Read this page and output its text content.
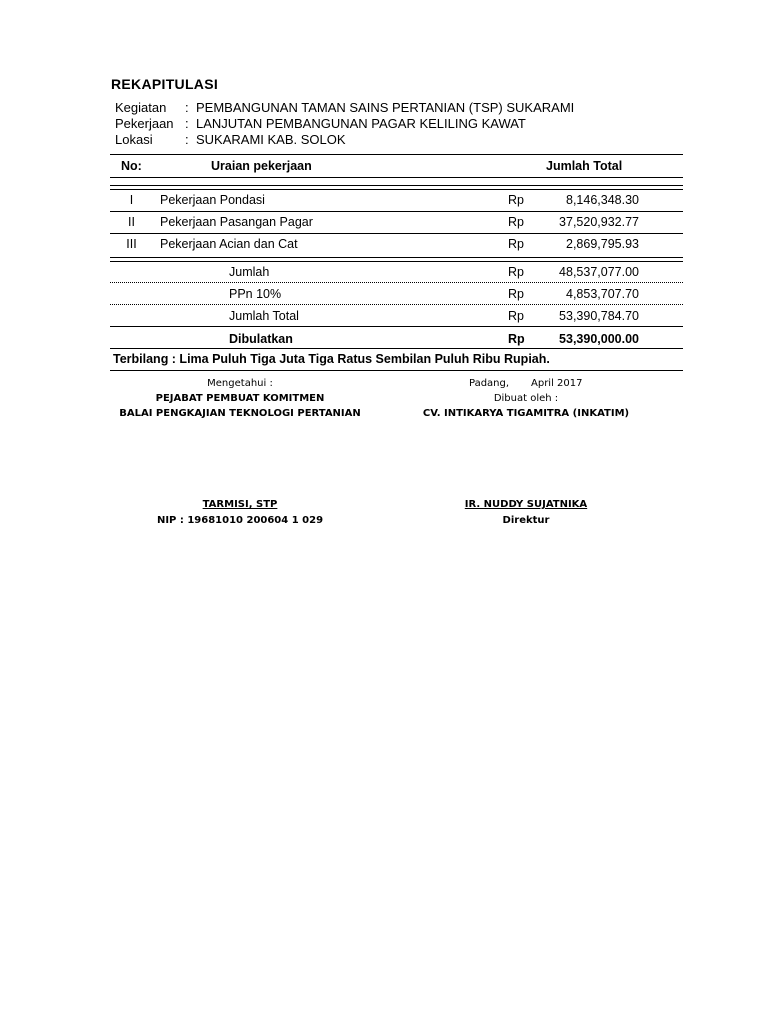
REKAPITULASI
Kegiatan	: PEMBANGUNAN TAMAN SAINS PERTANIAN (TSP) SUKARAMI
Pekerjaan : LANJUTAN PEMBANGUNAN PAGAR KELILING KAWAT
Lokasi	: SUKARAMI KAB. SOLOK
No:	Uraian pekerjaan	Jumlah Total
I	Pekerjaan Pondasi	Rp	8,146,348.30
II	Pekerjaan Pasangan Pagar	Rp	37,520,932.77
III	Pekerjaan Acian dan Cat	Rp	2,869,795.93
Jumlah	Rp	48,537,077.00
PPn 10%	Rp	4,853,707.70
Jumlah Total	Rp	53,390,784.70
Dibulatkan	Rp	53,390,000.00
Terbilang : Lima Puluh Tiga Juta Tiga Ratus Sembilan Puluh Ribu Rupiah.
Mengetahui :
PEJABAT PEMBUAT KOMITMEN
BALAI PENGKAJIAN TEKNOLOGI PERTANIAN
TARMISI, STP
NIP : 19681010 200604 1 029
Padang, April 2017
Dibuat oleh :
CV. INTIKARYA TIGAMITRA (INKATIM)
IR. NUDDY SUJATNIKA
Direktur
